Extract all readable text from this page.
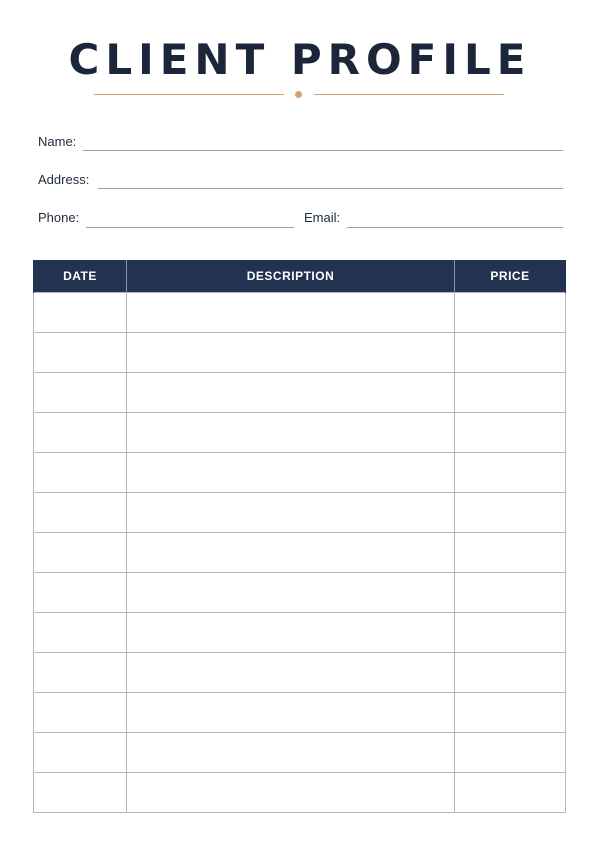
CLIENT PROFILE
Name:
Address:
Phone:	Email:
DATE	DESCRIPTION	PRICE
